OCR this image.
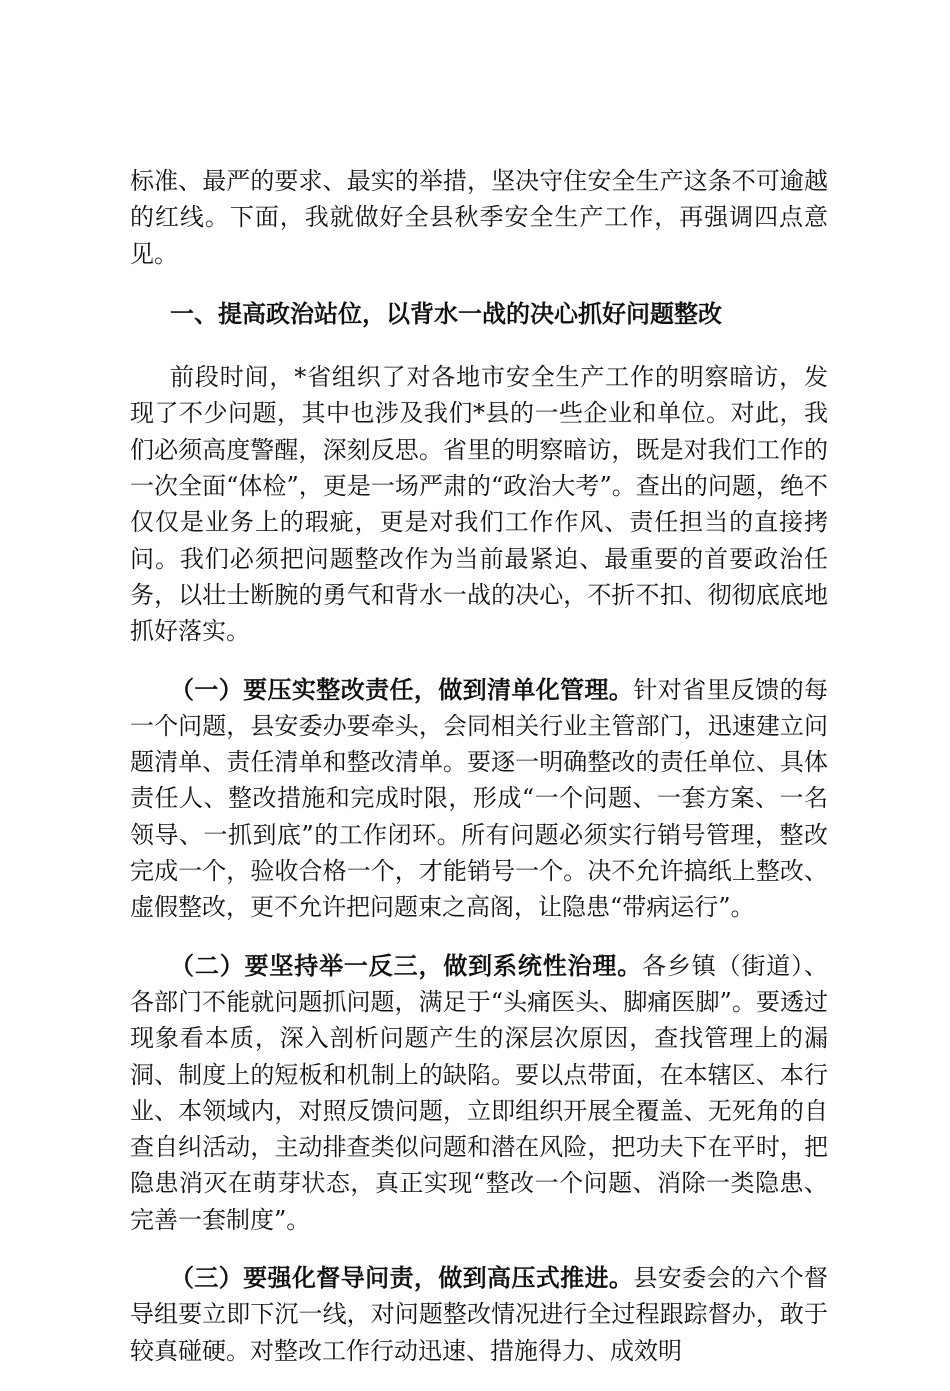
标准、最严的要求、最实的举措，坚决守住安全生产这条不可逾越的红线。下面，我就做好全县秋季安全生产工作，再强调四点意见。

一、提高政治站位，以背水一战的决心抓好问题整改

前段时间，*省组织了对各地市安全生产工作的明察暗访，发现了不少问题，其中也涉及我们*县的一些企业和单位。对此，我们必须高度警醒，深刻反思。省里的明察暗访，既是对我们工作的一次全面“体检”，更是一场严肃的“政治大考”。查出的问题，绝不仅仅是业务上的瑕疵，更是对我们工作作风、责任担当的直接拷问。我们必须把问题整改作为当前最紧迫、最重要的首要政治任务，以壮士断腕的勇气和背水一战的决心，不折不扣、彻彻底底地抓好落实。

（一）要压实整改责任，做到清单化管理。针对省里反馈的每一个问题，县安委办要牵头，会同相关行业主管部门，迅速建立问题清单、责任清单和整改清单。要逐一明确整改的责任单位、具体责任人、整改措施和完成时限，形成“一个问题、一套方案、一名领导、一抓到底”的工作闭环。所有问题必须实行销号管理，整改完成一个，验收合格一个，才能销号一个。决不允许搞纸上整改、虚假整改，更不允许把问题束之高阁，让隐患“带病运行”。

（二）要坚持举一反三，做到系统性治理。各乡镇（街道）、各部门不能就问题抓问题，满足于“头痛医头、脚痛医脚”。要透过现象看本质，深入剖析问题产生的深层次原因，查找管理上的漏洞、制度上的短板和机制上的缺陷。要以点带面，在本辖区、本行业、本领域内，对照反馈问题，立即组织开展全覆盖、无死角的自查自纠活动，主动排查类似问题和潜在风险，把功夫下在平时，把隐患消灭在萌芽状态，真正实现“整改一个问题、消除一类隐患、完善一套制度”。

（三）要强化督导问责，做到高压式推进。县安委会的六个督导组要立即下沉一线，对问题整改情况进行全过程跟踪督办，敢于较真碰硬。对整改工作行动迅速、措施得力、成效明
